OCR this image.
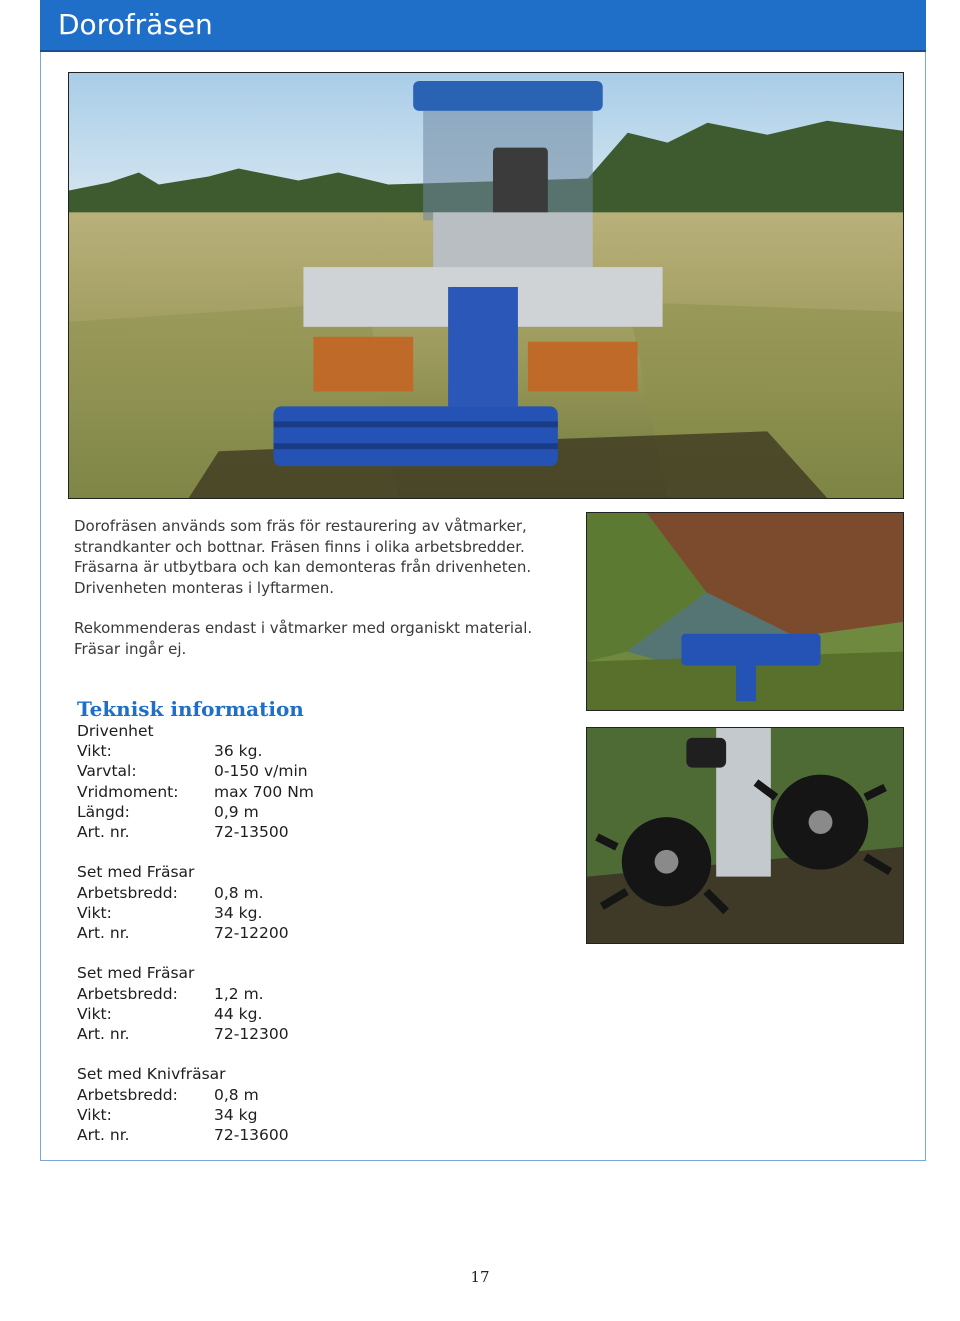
Dorofräsen

Dorofräsen används som fräs för restaurering av våtmarker, strandkanter och bottnar. Fräsen finns i olika arbetsbredder. Fräsarna är utbytbara och kan demonteras från drivenheten. Drivenheten monteras i lyftarmen.

Rekommenderas endast i våtmarker med organiskt material. Fräsar ingår ej.

Teknisk information
Drivenhet
Vikt:	36 kg.
Varvtal:	0-150 v/min
Vridmoment:	max 700 Nm
Längd:	0,9 m
Art. nr.	72-13500
Set med Fräsar
Arbetsbredd:	0,8 m.
Vikt:	34 kg.
Art. nr.	72-12200
Set med Fräsar
Arbetsbredd:	1,2 m.
Vikt:	44 kg.
Art. nr.	72-12300
Set med Knivfräsar
Arbetsbredd:	0,8 m
Vikt:	34 kg
Art. nr.	72-13600
17
